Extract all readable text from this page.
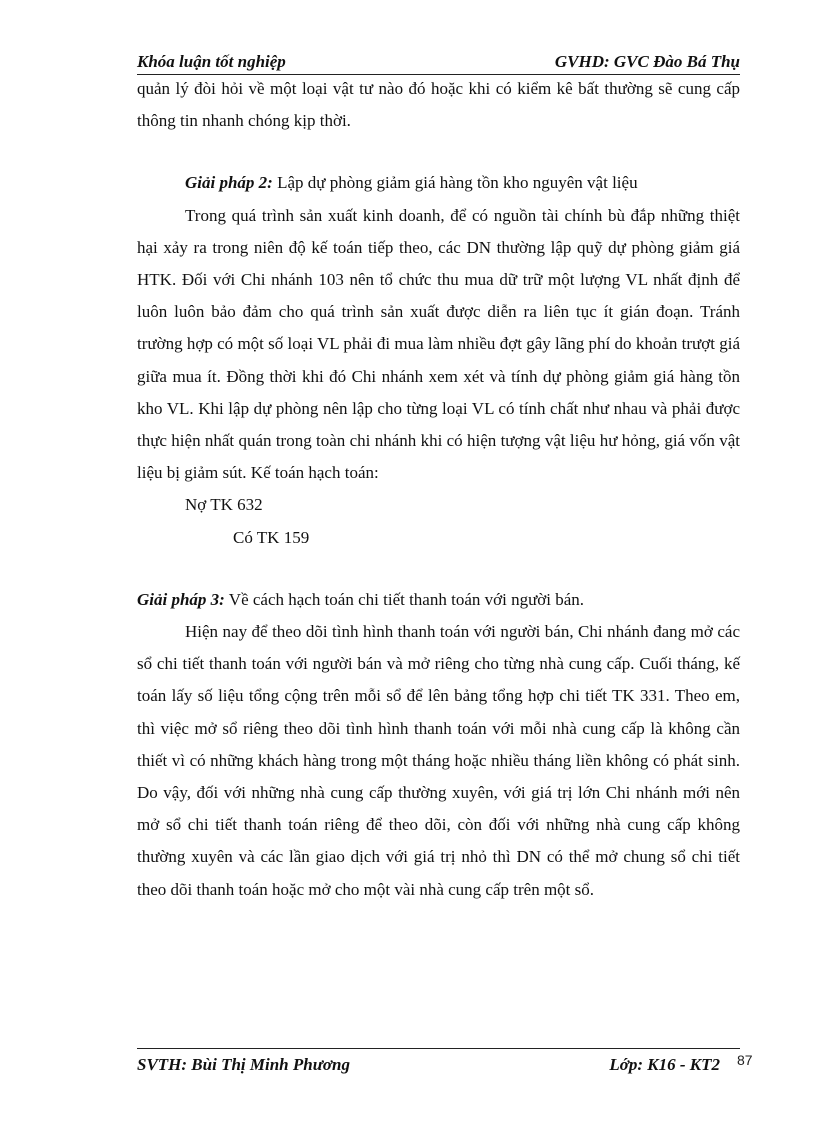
Khóa luận tốt nghiệp	GVHD: GVC Đào Bá Thụ

quản lý đòi hỏi về một loại vật tư nào đó hoặc khi có kiểm kê bất thường sẽ cung cấp thông tin nhanh chóng kịp thời.

Giải pháp 2: Lập dự phòng giảm giá hàng tồn kho nguyên vật liệu

Trong quá trình sản xuất kinh doanh, để có nguồn tài chính bù đắp những thiệt hại xảy ra trong niên độ kế toán tiếp theo, các DN thường lập quỹ dự phòng giảm giá HTK. Đối với Chi nhánh 103 nên tổ chức thu mua dữ trữ một lượng VL nhất định để luôn luôn bảo đảm cho quá trình sản xuất được diễn ra liên tục ít gián đoạn. Tránh trường hợp có một số loại VL phải đi mua làm nhiều đợt gây lãng phí do khoản trượt giá giữa mua ít. Đồng thời khi đó Chi nhánh xem xét và tính dự phòng giảm giá hàng tồn kho VL. Khi lập dự phòng nên lập cho từng loại VL có tính chất như nhau và phải được thực hiện nhất quán trong toàn chi nhánh khi có hiện tượng vật liệu hư hỏng, giá vốn vật liệu bị giảm sút. Kế toán hạch toán:

Nợ TK 632

Có TK 159

Giải pháp 3: Về cách hạch toán chi tiết thanh toán với người bán.

Hiện nay để theo dõi tình hình thanh toán với người bán, Chi nhánh đang mở các sổ chi tiết thanh toán với người bán và mở riêng cho từng nhà cung cấp. Cuối tháng, kế toán lấy số liệu tổng cộng trên mỗi sổ để lên bảng tổng hợp chi tiết TK 331. Theo em, thì việc mở sổ riêng theo dõi tình hình thanh toán với mỗi nhà cung cấp là không cần thiết vì có những khách hàng trong một tháng hoặc nhiều tháng liền không có phát sinh. Do vậy, đối với những nhà cung cấp thường xuyên, với giá trị lớn Chi nhánh mới nên mở sổ chi tiết thanh toán riêng để theo dõi, còn đối với những nhà cung cấp không thường xuyên và các lần giao dịch với giá trị nhỏ thì DN có thể mở chung sổ chi tiết theo dõi thanh toán hoặc mở cho một vài nhà cung cấp trên một sổ.

SVTH: Bùi Thị Minh Phương	Lớp: K16 - KT2 87
